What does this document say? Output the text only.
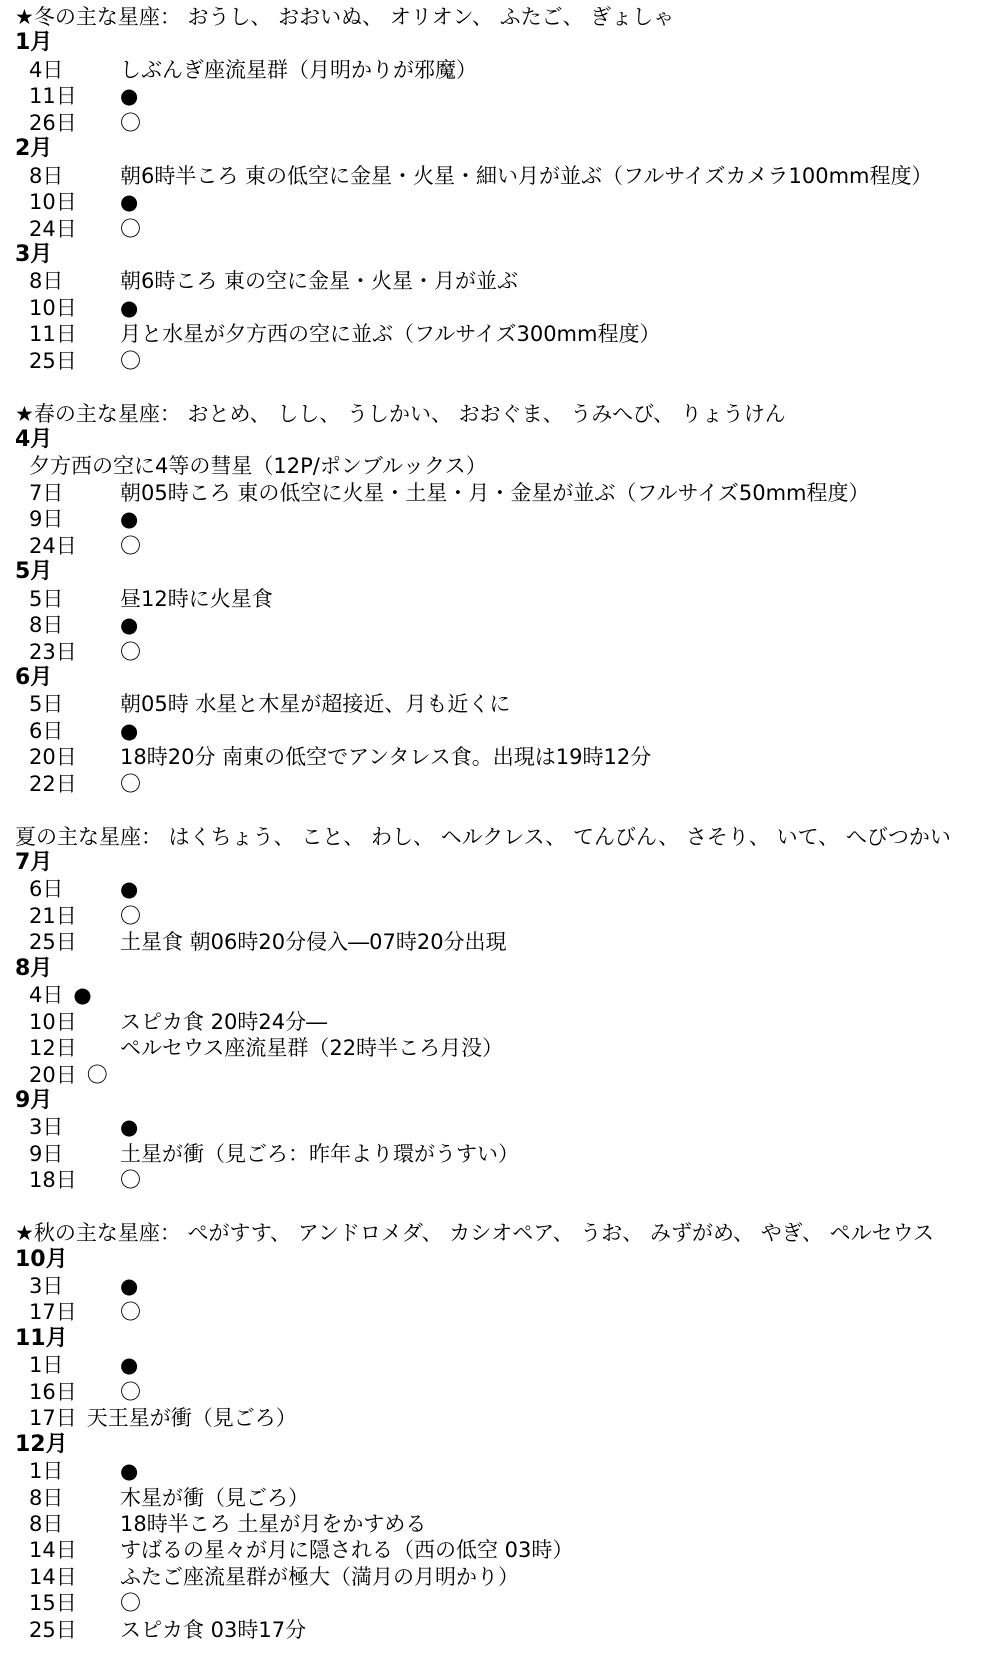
★冬の主な星座： おうし、 おおいぬ、 オリオン、 ふたご、 ぎょしゃ
1月
4日	しぶんぎ座流星群（月明かりが邪魔）
11日	●
26日	〇
2月
8日	朝6時半ころ 東の低空に金星・火星・細い月が並ぶ（フルサイズカメラ100mm程度）
10日	●
24日	〇
3月
8日	朝6時ころ 東の空に金星・火星・月が並ぶ
10日	●
11日	月と水星が夕方西の空に並ぶ（フルサイズ300mm程度）
25日	〇
★春の主な星座： おとめ、 しし、 うしかい、 おおぐま、 うみへび、 りょうけん
4月
夕方西の空に4等の彗星（12P/ポンブルックス）
7日	朝05時ころ 東の低空に火星・土星・月・金星が並ぶ（フルサイズ50mm程度）
9日	●
24日	〇
5月
5日	昼12時に火星食
8日	●
23日	〇
6月
5日	朝05時 水星と木星が超接近、月も近くに
6日	●
20日	18時20分 南東の低空でアンタレス食。出現は19時12分
22日	〇
夏の主な星座： はくちょう、 こと、 わし、 ヘルクレス、 てんびん、 さそり、 いて、 へびつかい
7月
6日	●
21日	〇
25日	土星食 朝06時20分侵入―07時20分出現
8月
4日 ●
10日	スピカ食 20時24分―
12日	ペルセウス座流星群（22時半ころ月没）
20日 〇
9月
3日	●
9日	土星が衝（見ごろ：昨年より環がうすい）
18日	〇
★秋の主な星座： ぺがすす、 アンドロメダ、 カシオペア、 うお、 みずがめ、 やぎ、 ペルセウス
10月
3日	●
17日	〇
11月
1日	●
16日	〇
17日 天王星が衝（見ごろ）
12月
1日	●
8日	木星が衝（見ごろ）
8日	18時半ころ 土星が月をかすめる
14日	すばるの星々が月に隠される（西の低空 03時）
14日	ふたご座流星群が極大（満月の月明かり）
15日	〇
25日	スピカ食 03時17分
